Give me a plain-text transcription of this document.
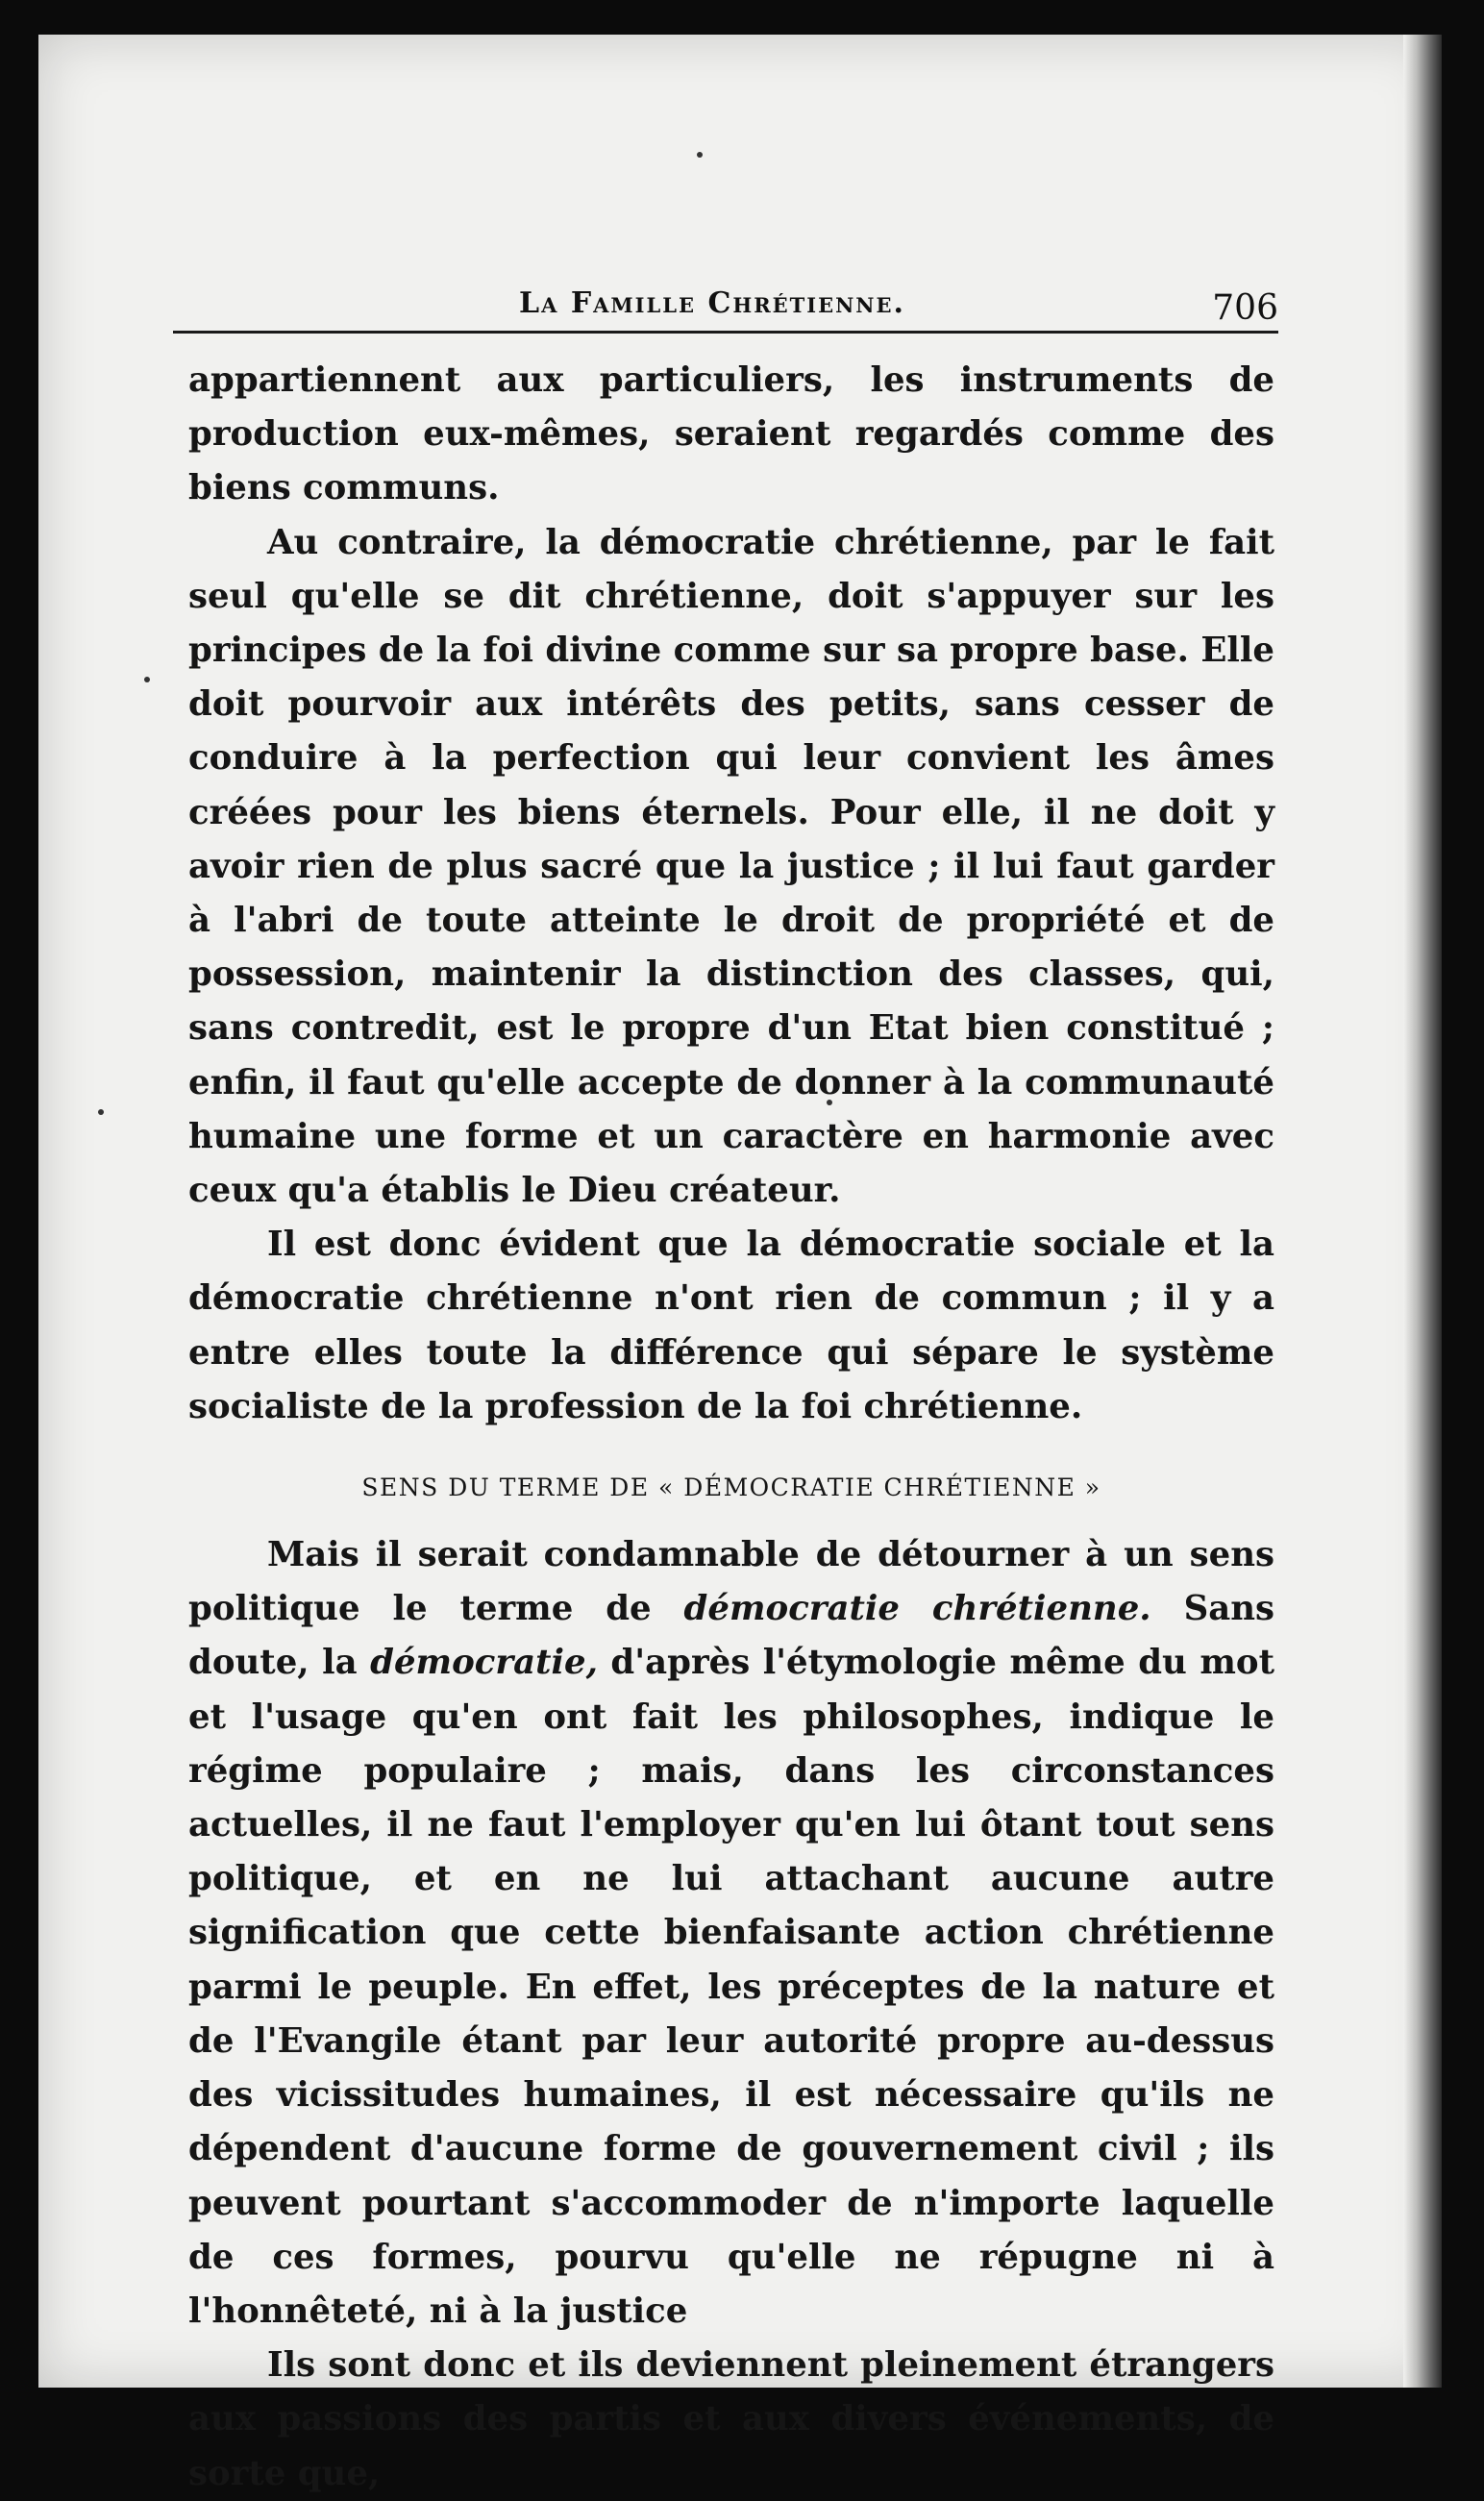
La Famille Chrétienne.	706

appartiennent aux particuliers, les instruments de production eux-mêmes, seraient regardés comme des biens communs.

Au contraire, la démocratie chrétienne, par le fait seul qu'elle se dit chrétienne, doit s'appuyer sur les principes de la foi divine comme sur sa propre base. Elle doit pourvoir aux intérêts des petits, sans cesser de conduire à la perfection qui leur convient les âmes créées pour les biens éternels. Pour elle, il ne doit y avoir rien de plus sacré que la justice ; il lui faut garder à l'abri de toute atteinte le droit de propriété et de possession, maintenir la distinction des classes, qui, sans contredit, est le propre d'un Etat bien constitué ; enfin, il faut qu'elle accepte de donner à la communauté humaine une forme et un caractère en harmonie avec ceux qu'a établis le Dieu créateur.

Il est donc évident que la démocratie sociale et la démocratie chrétienne n'ont rien de commun ; il y a entre elles toute la différence qui sépare le système socialiste de la profession de la foi chrétienne.

SENS DU TERME DE « DÉMOCRATIE CHRÉTIENNE »

Mais il serait condamnable de détourner à un sens politique le terme de démocratie chrétienne. Sans doute, la démocratie, d'après l'étymologie même du mot et l'usage qu'en ont fait les philosophes, indique le régime populaire ; mais, dans les circonstances actuelles, il ne faut l'employer qu'en lui ôtant tout sens politique, et en ne lui attachant aucune autre signification que cette bienfaisante action chrétienne parmi le peuple. En effet, les préceptes de la nature et de l'Evangile étant par leur autorité propre au-dessus des vicissitudes humaines, il est nécessaire qu'ils ne dépendent d'aucune forme de gouvernement civil ; ils peuvent pourtant s'accommoder de n'importe laquelle de ces formes, pourvu qu'elle ne répugne ni à l'honnêteté, ni à la justice

Ils sont donc et ils deviennent pleinement étrangers aux passions des partis et aux divers événements, de sorte que,
